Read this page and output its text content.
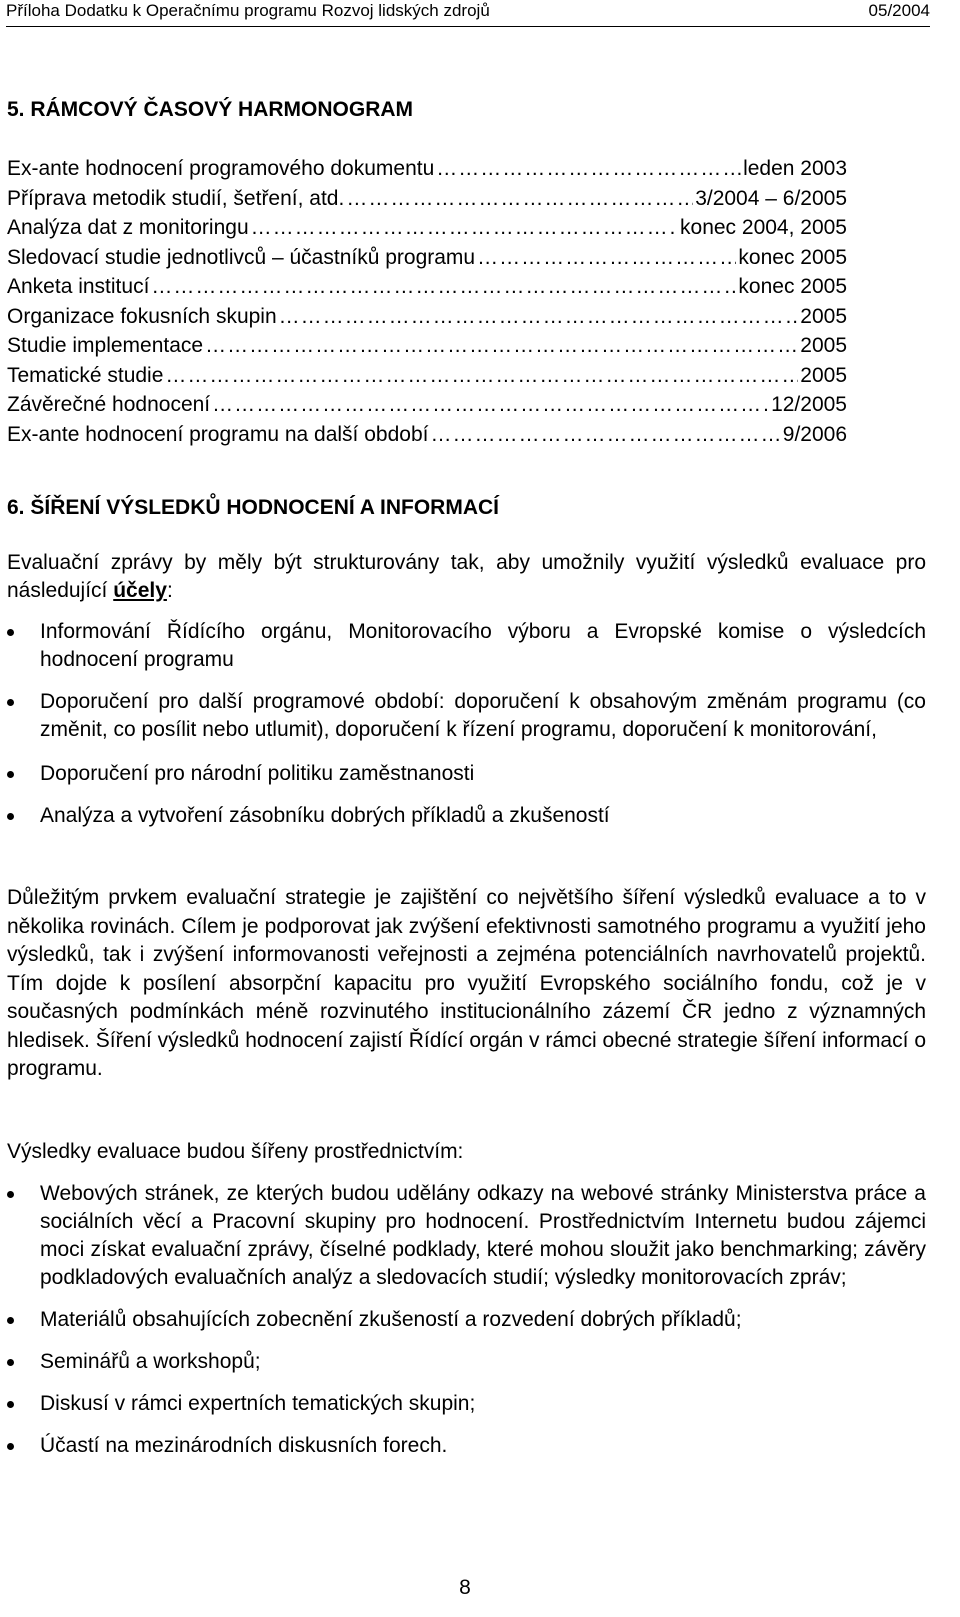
Příloha Dodatku k Operačnímu programu Rozvoj lidských zdrojů	05/2004
5. RÁMCOVÝ ČASOVÝ HARMONOGRAM
Ex-ante hodnocení programového dokumentu …………………………………………………………………………………………………………………………………………………	leden 2003
Příprava metodik studií, šetření, atd. …………………………………………………………………………………………………………………………………………………	3/2004 – 6/2005
Analýza dat z monitoringu …………………………………………………………………………………………………………………………………………………	konec 2004, 2005
Sledovací studie jednotlivců – účastníků programu …………………………………………………………………………………………………………………………………………………	konec 2005
Anketa institucí …………………………………………………………………………………………………………………………………………………	konec 2005
Organizace fokusních skupin …………………………………………………………………………………………………………………………………………………	2005
Studie implementace …………………………………………………………………………………………………………………………………………………	2005
Tematické studie …………………………………………………………………………………………………………………………………………………	2005
Závěrečné hodnocení …………………………………………………………………………………………………………………………………………………	12/2005
Ex-ante hodnocení programu na další období …………………………………………………………………………………………………………………………………………………	9/2006
6. ŠÍŘENÍ VÝSLEDKŮ HODNOCENÍ A INFORMACÍ
Evaluační zprávy by měly být strukturovány tak, aby umožnily využití výsledků evaluace pro následující účely:
Informování Řídícího orgánu, Monitorovacího výboru a Evropské komise o výsledcích hodnocení programu
Doporučení pro další programové období: doporučení k obsahovým změnám programu (co změnit, co posílit nebo utlumit), doporučení k řízení programu, doporučení k monitorování,
Doporučení pro národní politiku zaměstnanosti
Analýza a vytvoření zásobníku dobrých příkladů a zkušeností
Důležitým prvkem evaluační strategie je zajištění co největšího šíření výsledků evaluace a to v několika rovinách. Cílem je podporovat jak zvýšení efektivnosti samotného programu a využití jeho výsledků, tak i zvýšení informovanosti veřejnosti a zejména potenciálních navrhovatelů projektů. Tím dojde k posílení absorpční kapacitu pro využití Evropského sociálního fondu, což je v současných podmínkách méně rozvinutého institucionálního zázemí ČR jedno z významných hledisek. Šíření výsledků hodnocení zajistí Řídící orgán v rámci obecné strategie šíření informací o programu.
Výsledky evaluace budou šířeny prostřednictvím:
Webových stránek, ze kterých budou udělány odkazy na webové stránky Ministerstva práce a sociálních věcí a Pracovní skupiny pro hodnocení. Prostřednictvím Internetu budou zájemci moci získat evaluační zprávy, číselné podklady, které mohou sloužit jako benchmarking; závěry podkladových evaluačních analýz a sledovacích studií; výsledky monitorovacích zpráv;
Materiálů obsahujících zobecnění zkušeností a rozvedení dobrých příkladů;
Seminářů a workshopů;
Diskusí v rámci expertních tematických skupin;
Účastí na mezinárodních diskusních forech.
8
